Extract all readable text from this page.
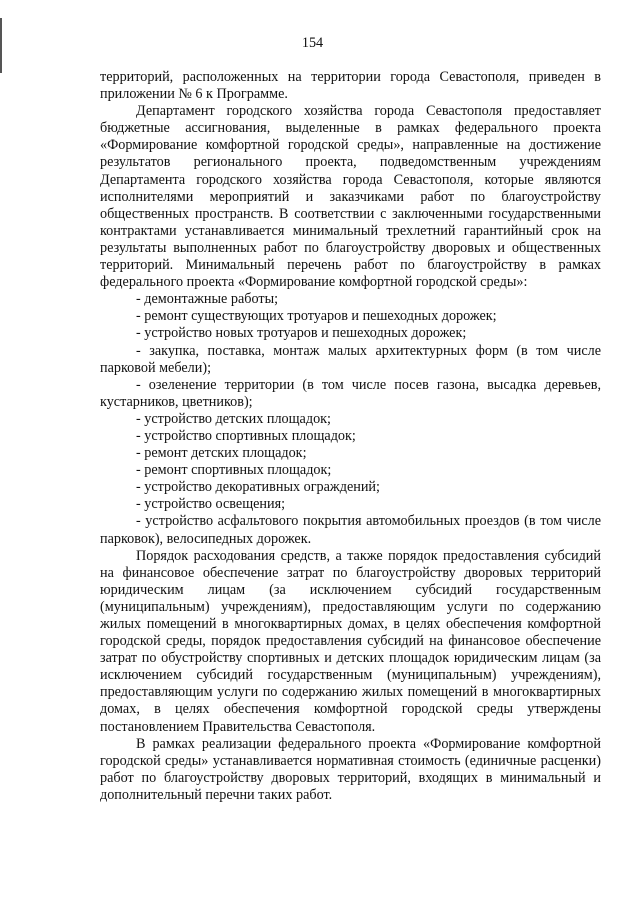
154

территорий, расположенных на территории города Севастополя, приведен в приложении № 6 к Программе.

Департамент городского хозяйства города Севастополя предоставляет бюджетные ассигнования, выделенные в рамках федерального проекта «Формирование комфортной городской среды», направленные на достижение результатов регионального проекта, подведомственным учреждениям Департамента городского хозяйства города Севастополя, которые являются исполнителями мероприятий и заказчиками работ по благоустройству общественных пространств. В соответствии с заключенными государственными контрактами устанавливается минимальный трехлетний гарантийный срок на результаты выполненных работ по благоустройству дворовых и общественных территорий. Минимальный перечень работ по благоустройству в рамках федерального проекта «Формирование комфортной городской среды»:

- демонтажные работы;

- ремонт существующих тротуаров и пешеходных дорожек;

- устройство новых тротуаров и пешеходных дорожек;

- закупка, поставка, монтаж малых архитектурных форм (в том числе парковой мебели);

- озеленение территории (в том числе посев газона, высадка деревьев, кустарников, цветников);

- устройство детских площадок;

- устройство спортивных площадок;

- ремонт детских площадок;

- ремонт спортивных площадок;

- устройство декоративных ограждений;

- устройство освещения;

- устройство асфальтового покрытия автомобильных проездов (в том числе парковок), велосипедных дорожек.

Порядок расходования средств, а также порядок предоставления субсидий на финансовое обеспечение затрат по благоустройству дворовых территорий юридическим лицам (за исключением субсидий государственным (муниципальным) учреждениям), предоставляющим услуги по содержанию жилых помещений в многоквартирных домах, в целях обеспечения комфортной городской среды, порядок предоставления субсидий на финансовое обеспечение затрат по обустройству спортивных и детских площадок юридическим лицам (за исключением субсидий государственным (муниципальным) учреждениям), предоставляющим услуги по содержанию жилых помещений в многоквартирных домах, в целях обеспечения комфортной городской среды утверждены постановлением Правительства Севастополя.

В рамках реализации федерального проекта «Формирование комфортной городской среды» устанавливается нормативная стоимость (единичные расценки) работ по благоустройству дворовых территорий, входящих в минимальный и дополнительный перечни таких работ.
